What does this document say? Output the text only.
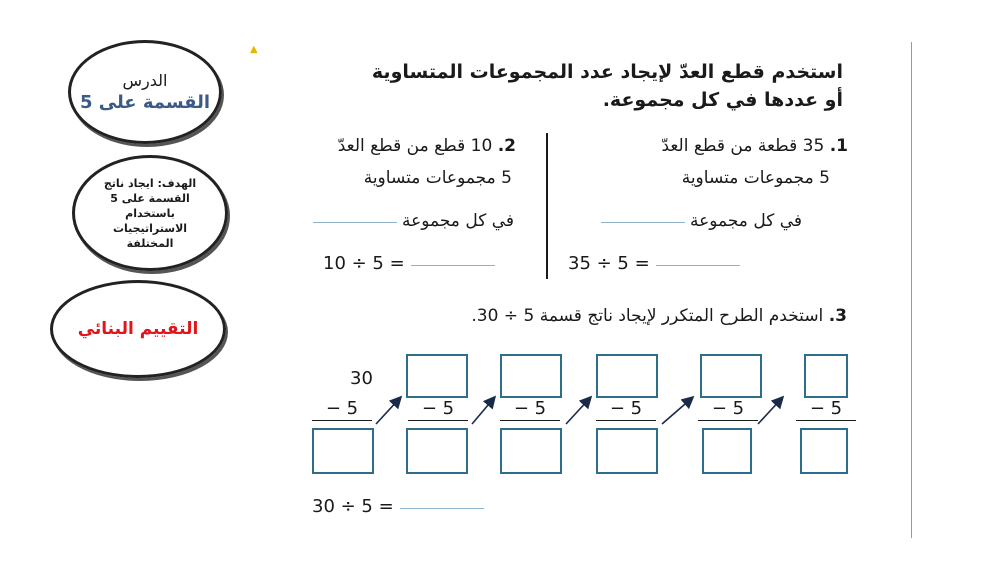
الدرس
القسمة على 5
الهدف: ايجاد ناتج القسمة على 5 باستخدام الاستراتيجيات المختلفة
التقييم البنائي
▲
استخدم قطع العدّ لإيجاد عدد المجموعات المتساوية
أو عددها في كل مجموعة.
1. 35 قطعة من قطع العدّ
5 مجموعات متساوية
في كل مجموعة
35 ÷ 5 =
2. 10 قطع من قطع العدّ
5 مجموعات متساوية
في كل مجموعة
10 ÷ 5 =
3. استخدم الطرح المتكرر لإيجاد ناتج قسمة 5 ÷ 30.
30
− 5	− 5	− 5	− 5	− 5	− 5
30 ÷ 5 =
